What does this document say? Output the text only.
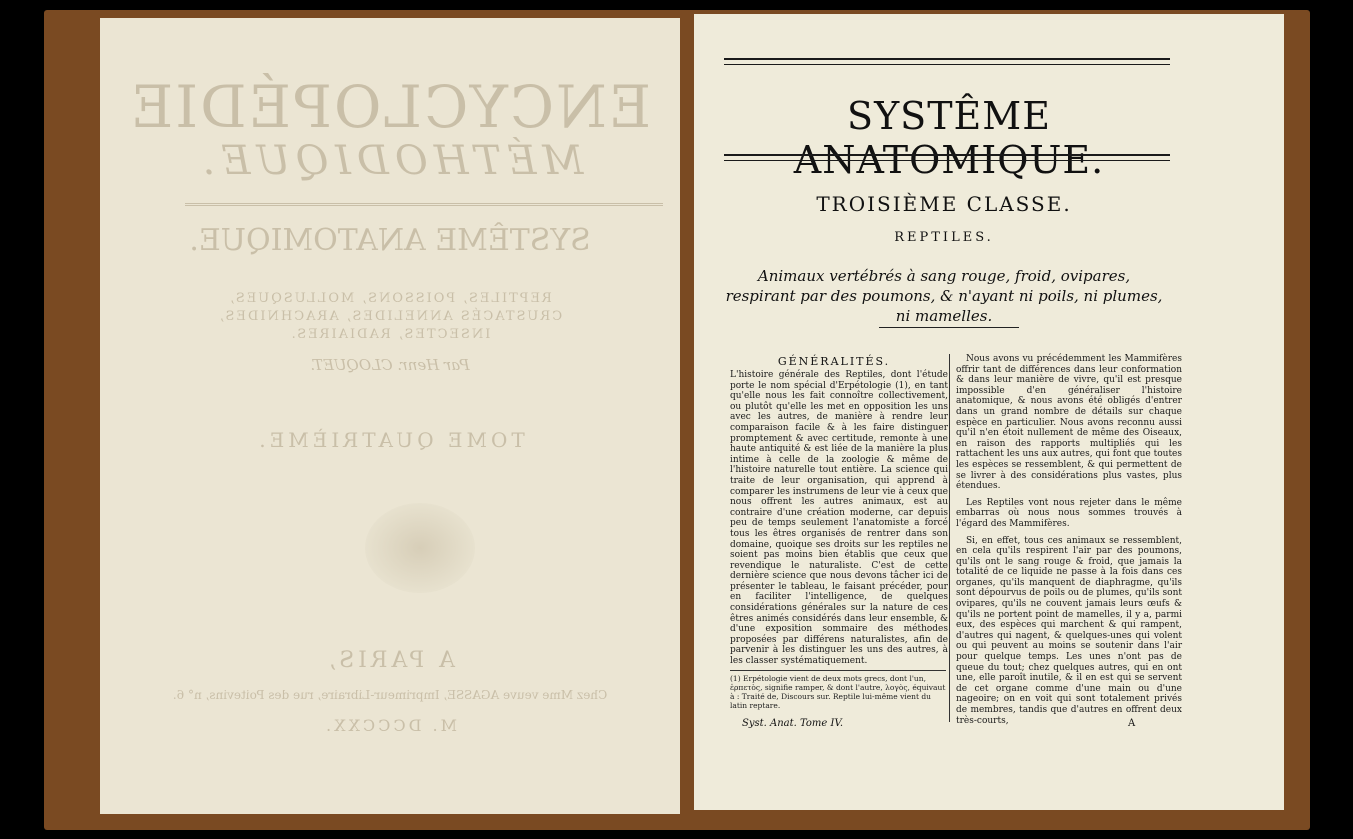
ENCYCLOPÉDIE
MÉTHODIQUE.
SYSTÊME ANATOMIQUE.
REPTILES, POISSONS, MOLLUSQUES, CRUSTACÉS ANNELIDES, ARACHNIDES, INSECTES, RADIAIRES.
Par Henr. CLOQUET.
TOME QUATRIÈME.
A PARIS,
Chez Mme veuve AGASSE, Imprimeur-Libraire, rue des Poitevins, n° 6.
M. DCCCXX.
SYSTÊME ANATOMIQUE.
TROISIÈME CLASSE.
REPTILES.
Animaux vertébrés à sang rouge, froid, ovipares, respirant par des poumons, & n'ayant ni poils, ni plumes, ni mamelles.
GÉNÉRALITÉS.
L'histoire générale des Reptiles, dont l'étude porte le nom spécial d'Erpétologie (1), en tant qu'elle nous les fait connoître collectivement, ou plutôt qu'elle les met en opposition les uns avec les autres, de manière à rendre leur comparaison facile & à les faire distinguer promptement & avec certitude, remonte à une haute antiquité & est liée de la manière la plus intime à celle de la zoologie & même de l'histoire naturelle tout entière. La science qui traite de leur organisation, qui apprend à comparer les instrumens de leur vie à ceux que nous offrent les autres animaux, est au contraire d'une création moderne, car depuis peu de temps seulement l'anatomiste a forcé tous les êtres organisés de rentrer dans son domaine, quoique ses droits sur les reptiles ne soient pas moins bien établis que ceux que revendique le naturaliste. C'est de cette dernière science que nous devons tâcher ici de présenter le tableau, le faisant précéder, pour en faciliter l'intelligence, de quelques considérations générales sur la nature de ces êtres animés considérés dans leur ensemble, & d'une exposition sommaire des méthodes proposées par différens naturalistes, afin de parvenir à les distinguer les uns des autres, à les classer systématiquement.
Nous avons vu précédemment les Mammifères offrir tant de différences dans leur conformation & dans leur manière de vivre, qu'il est presque impossible d'en généraliser l'histoire anatomique, & nous avons été obligés d'entrer dans un grand nombre de détails sur chaque espèce en particulier. Nous avons reconnu aussi qu'il n'en étoit nullement de même des Oiseaux, en raison des rapports multipliés qui les rattachent les uns aux autres, qui font que toutes les espèces se ressemblent, & qui permettent de se livrer à des considérations plus vastes, plus étendues.
Les Reptiles vont nous rejeter dans le même embarras où nous nous sommes trouvés à l'égard des Mammifères.
Si, en effet, tous ces animaux se ressemblent, en cela qu'ils respirent l'air par des poumons, qu'ils ont le sang rouge & froid, que jamais la totalité de ce liquide ne passe à la fois dans ces organes, qu'ils manquent de diaphragme, qu'ils sont dépourvus de poils ou de plumes, qu'ils sont ovipares, qu'ils ne couvent jamais leurs œufs & qu'ils ne portent point de mamelles, il y a, parmi eux, des espèces qui marchent & qui rampent, d'autres qui nagent, & quelques-unes qui volent ou qui peuvent au moins se soutenir dans l'air pour quelque temps. Les unes n'ont pas de queue du tout; chez quelques autres, qui en ont une, elle paroît inutile, & il en est qui se servent de cet organe comme d'une main ou d'une nageoire; on en voit qui sont totalement privés de membres, tandis que d'autres en offrent deux très-courts,
(1) Erpétologie vient de deux mots grecs, dont l'un, ἑρπετὸς, signifie ramper, & dont l'autre, λογὸς, équivaut à : Traité de, Discours sur. Reptile lui-même vient du latin reptare.
Syst. Anat. Tome IV.	A
